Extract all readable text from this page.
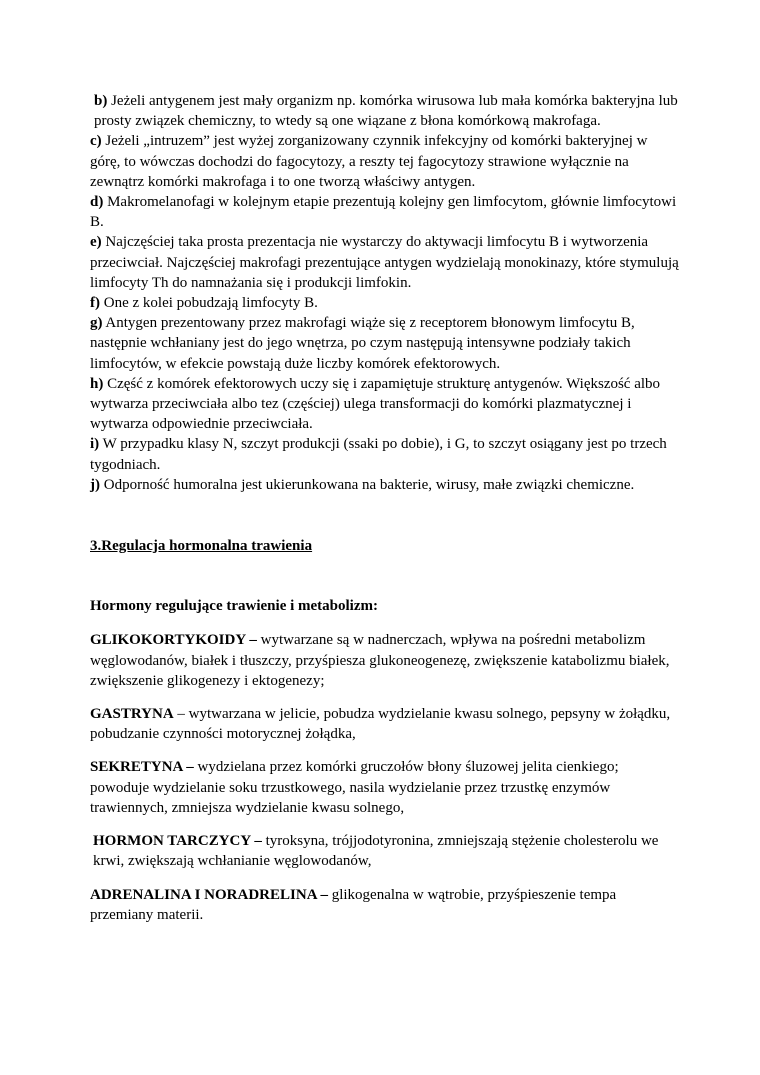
b) Jeżeli antygenem jest mały organizm np. komórka wirusowa lub mała komórka bakteryjna lub prosty związek chemiczny, to wtedy są one wiązane z błona komórkową makrofaga.

c) Jeżeli „intruzem” jest wyżej zorganizowany czynnik infekcyjny od komórki bakteryjnej w górę, to wówczas dochodzi do fagocytozy, a reszty tej fagocytozy strawione wyłącznie na zewnątrz komórki makrofaga i to one tworzą właściwy antygen.

d) Makromelanofagi w kolejnym etapie prezentują kolejny gen limfocytom, głównie limfocytowi B.

e) Najczęściej taka prosta prezentacja nie wystarczy do aktywacji limfocytu B i wytworzenia przeciwciał. Najczęściej makrofagi prezentujące antygen wydzielają monokinazy, które stymulują limfocyty Th do namnażania się i produkcji limfokin.

f) One z kolei pobudzają limfocyty B.

g) Antygen prezentowany przez makrofagi wiąże się z receptorem błonowym limfocytu B, następnie wchłaniany jest do jego wnętrza, po czym następują intensywne podziały takich limfocytów, w efekcie powstają duże liczby komórek efektorowych.

h) Część z komórek efektorowych uczy się i zapamiętuje strukturę antygenów. Większość albo wytwarza przeciwciała albo tez (częściej) ulega transformacji do komórki plazmatycznej i wytwarza odpowiednie przeciwciała.

i) W przypadku klasy N, szczyt produkcji (ssaki po dobie), i G, to szczyt osiągany jest po trzech tygodniach.

j) Odporność humoralna jest ukierunkowana na bakterie, wirusy, małe związki chemiczne.

3.Regulacja hormonalna trawienia

Hormony regulujące trawienie i metabolizm:

GLIKOKORTYKOIDY – wytwarzane są w nadnerczach, wpływa na pośredni metabolizm węglowodanów, białek i tłuszczy, przyśpiesza glukoneogenezę, zwiększenie katabolizmu białek, zwiększenie glikogenezy i ektogenezy;

GASTRYNA – wytwarzana w jelicie, pobudza wydzielanie kwasu solnego, pepsyny w żołądku, pobudzanie czynności motorycznej żołądka,

SEKRETYNA – wydzielana przez komórki gruczołów błony śluzowej jelita cienkiego; powoduje wydzielanie soku trzustkowego, nasila wydzielanie przez trzustkę enzymów trawiennych, zmniejsza wydzielanie kwasu solnego,

HORMON TARCZYCY – tyroksyna, trójjodotyronina, zmniejszają stężenie cholesterolu we krwi, zwiększają wchłanianie węglowodanów,

ADRENALINA I NORADRELINA – glikogenalna w wątrobie, przyśpieszenie tempa przemiany materii.
